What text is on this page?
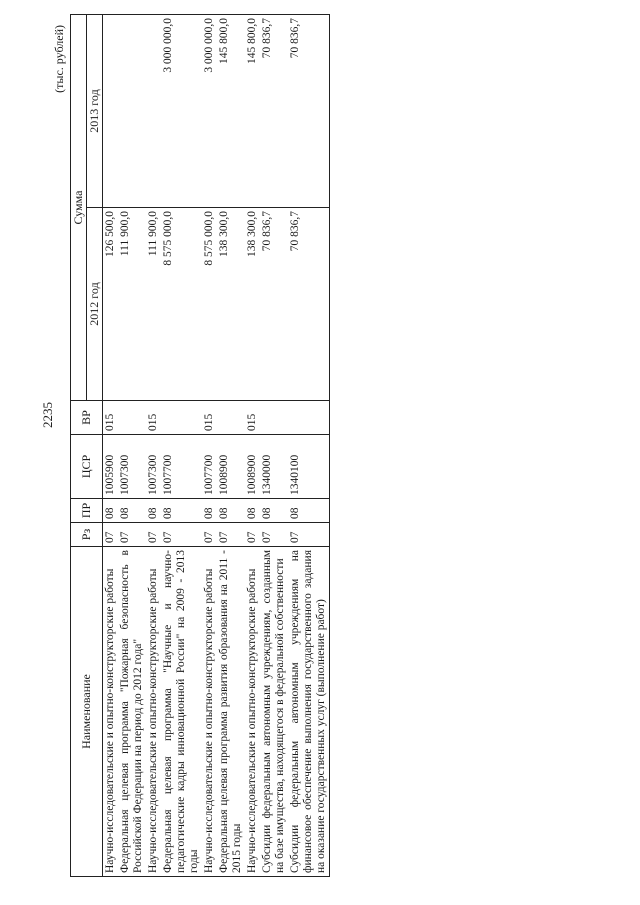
2235
(тыс. рублей)
Наименование	Рз	ПР	ЦСР	ВР	Сумма	
					2012 год	2013 год
Научно-исследовательские и опытно-конструкторские работы	07	08	1005900	015	126 500,0	
Федеральная целевая программа "Пожарная безопасность в Российской Федерации на период до 2012 года"	07	08	1007300		111 900,0	
Научно-исследовательские и опытно-конструкторские работы	07	08	1007300	015	111 900,0	
Федеральная целевая программа "Научные и научно-педагогические кадры инновационной России" на 2009 - 2013 годы	07	08	1007700		8 575 000,0	3 000 000,0
Научно-исследовательские и опытно-конструкторские работы	07	08	1007700	015	8 575 000,0	3 000 000,0
Федеральная целевая программа развития образования на 2011 - 2015 годы	07	08	1008900		138 300,0	145 800,0
Научно-исследовательские и опытно-конструкторские работы	07	08	1008900	015	138 300,0	145 800,0
Субсидии федеральным автономным учреждениям, созданным на базе имущества, находящегося в федеральной собственности	07	08	1340000		70 836,7	70 836,7
Субсидии федеральным автономным учреждениям на финансовое обеспечение выполнения государственного задания на оказание государственных услуг (выполнение работ)	07	08	1340100		70 836,7	70 836,7
